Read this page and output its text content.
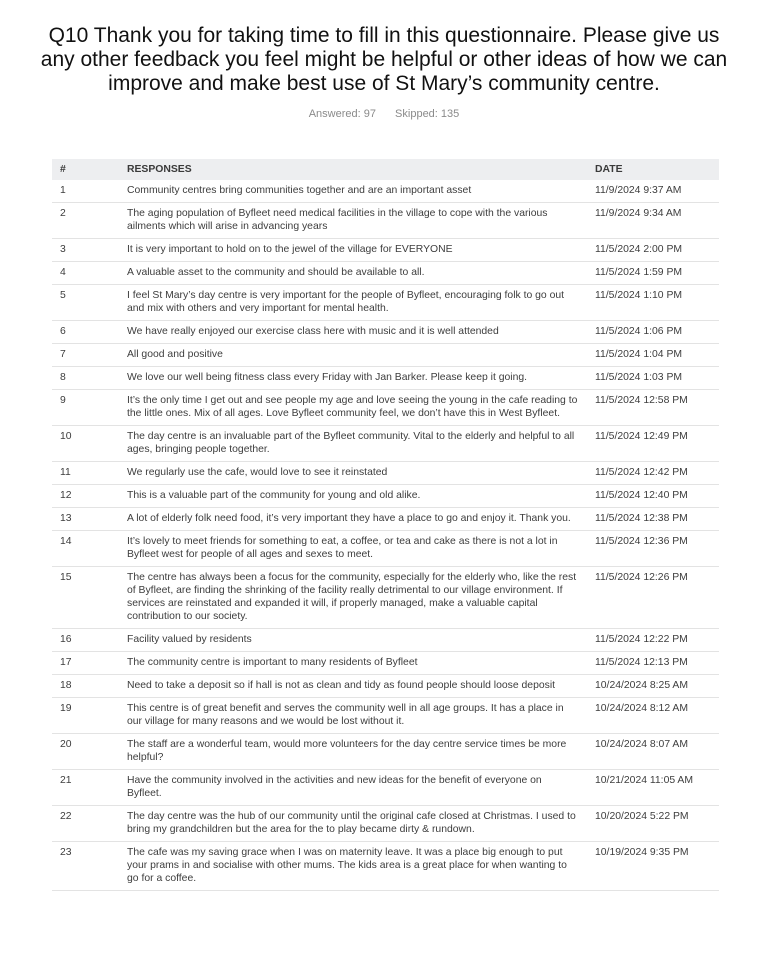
Q10 Thank you for taking time to fill in this questionnaire. Please give us any other feedback you feel might be helpful or other ideas of how we can improve and make best use of St Mary’s community centre.
Answered: 97 Skipped: 135
#	RESPONSES	DATE
1	Community centres bring communities together and are an important asset	11/9/2024 9:37 AM
2	The aging population of Byfleet need medical facilities in the village to cope with the various ailments which will arise in advancing years	11/9/2024 9:34 AM
3	It is very important to hold on to the jewel of the village for EVERYONE	11/5/2024 2:00 PM
4	A valuable asset to the community and should be available to all.	11/5/2024 1:59 PM
5	I feel St Mary’s day centre is very important for the people of Byfleet, encouraging folk to go out and mix with others and very important for mental health.	11/5/2024 1:10 PM
6	We have really enjoyed our exercise class here with music and it is well attended	11/5/2024 1:06 PM
7	All good and positive	11/5/2024 1:04 PM
8	We love our well being fitness class every Friday with Jan Barker. Please keep it going.	11/5/2024 1:03 PM
9	It’s the only time I get out and see people my age and love seeing the young in the cafe reading to the little ones. Mix of all ages. Love Byfleet community feel, we don’t have this in West Byfleet.	11/5/2024 12:58 PM
10	The day centre is an invaluable part of the Byfleet community. Vital to the elderly and helpful to all ages, bringing people together.	11/5/2024 12:49 PM
11	We regularly use the cafe, would love to see it reinstated	11/5/2024 12:42 PM
12	This is a valuable part of the community for young and old alike.	11/5/2024 12:40 PM
13	A lot of elderly folk need food, it’s very important they have a place to go and enjoy it. Thank you.	11/5/2024 12:38 PM
14	It’s lovely to meet friends for something to eat, a coffee, or tea and cake as there is not a lot in Byfleet west for people of all ages and sexes to meet.	11/5/2024 12:36 PM
15	The centre has always been a focus for the community, especially for the elderly who, like the rest of Byfleet, are finding the shrinking of the facility really detrimental to our village environment. If services are reinstated and expanded it will, if properly managed, make a valuable capital contribution to our society.	11/5/2024 12:26 PM
16	Facility valued by residents	11/5/2024 12:22 PM
17	The community centre is important to many residents of Byfleet	11/5/2024 12:13 PM
18	Need to take a deposit so if hall is not as clean and tidy as found people should loose deposit	10/24/2024 8:25 AM
19	This centre is of great benefit and serves the community well in all age groups. It has a place in our village for many reasons and we would be lost without it.	10/24/2024 8:12 AM
20	The staff are a wonderful team, would more volunteers for the day centre service times be more helpful?	10/24/2024 8:07 AM
21	Have the community involved in the activities and new ideas for the benefit of everyone on Byfleet.	10/21/2024 11:05 AM
22	The day centre was the hub of our community until the original cafe closed at Christmas. I used to bring my grandchildren but the area for the to play became dirty & rundown.	10/20/2024 5:22 PM
23	The cafe was my saving grace when I was on maternity leave. It was a place big enough to put your prams in and socialise with other mums. The kids area is a great place for when wanting to go for a coffee.	10/19/2024 9:35 PM
